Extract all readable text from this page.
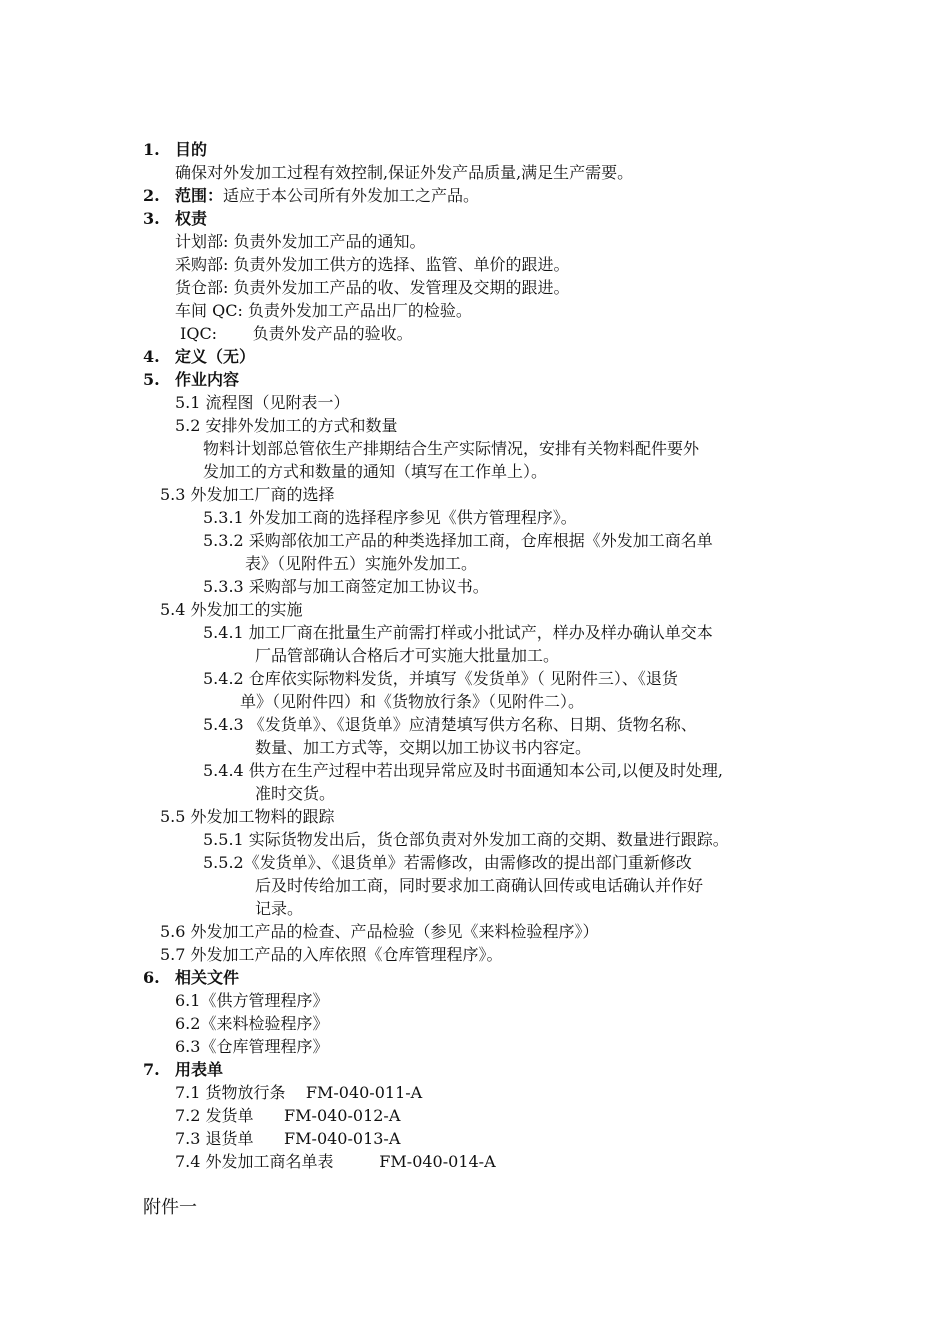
1. 目的
确保对外发加工过程有效控制,保证外发产品质量,满足生产需要。
2. 范围：适应于本公司所有外发加工之产品。
3. 权责
计划部: 负责外发加工产品的通知。
采购部: 负责外发加工供方的选择、监管、单价的跟进。
货仓部: 负责外发加工产品的收、发管理及交期的跟进。
车间 QC: 负责外发加工产品出厂的检验。
IQC:       负责外发产品的验收。
4. 定义（无）
5. 作业内容
5.1 流程图（见附表一）
5.2 安排外发加工的方式和数量
物料计划部总管依生产排期结合生产实际情况，安排有关物料配件要外
发加工的方式和数量的通知（填写在工作单上）。
5.3 外发加工厂商的选择
5.3.1 外发加工商的选择程序参见《供方管理程序》。
5.3.2 采购部依加工产品的种类选择加工商，仓库根据《外发加工商名单
表》（见附件五）实施外发加工。
5.3.3 采购部与加工商签定加工协议书。
5.4 外发加工的实施
5.4.1 加工厂商在批量生产前需打样或小批试产，样办及样办确认单交本
厂品管部确认合格后才可实施大批量加工。
5.4.2 仓库依实际物料发货，并填写《发货单》（ 见附件三）、《退货
单》（见附件四）和《货物放行条》（见附件二）。
5.4.3 《发货单》、《退货单》应清楚填写供方名称、日期、货物名称、
数量、加工方式等，交期以加工协议书内容定。
5.4.4 供方在生产过程中若出现异常应及时书面通知本公司,以便及时处理,
准时交货。
5.5 外发加工物料的跟踪
5.5.1 实际货物发出后，货仓部负责对外发加工商的交期、数量进行跟踪。
5.5.2《发货单》、《退货单》若需修改，由需修改的提出部门重新修改
后及时传给加工商，同时要求加工商确认回传或电话确认并作好
记录。
5.6 外发加工产品的检查、产品检验（参见《来料检验程序》）
5.7 外发加工产品的入库依照《仓库管理程序》。
6. 相关文件
6.1《供方管理程序》
6.2《来料检验程序》
6.3《仓库管理程序》
7. 用表单
7.1 货物放行条    FM-040-011-A
7.2 发货单      FM-040-012-A
7.3 退货单      FM-040-013-A
7.4 外发加工商名单表         FM-040-014-A
附件一
